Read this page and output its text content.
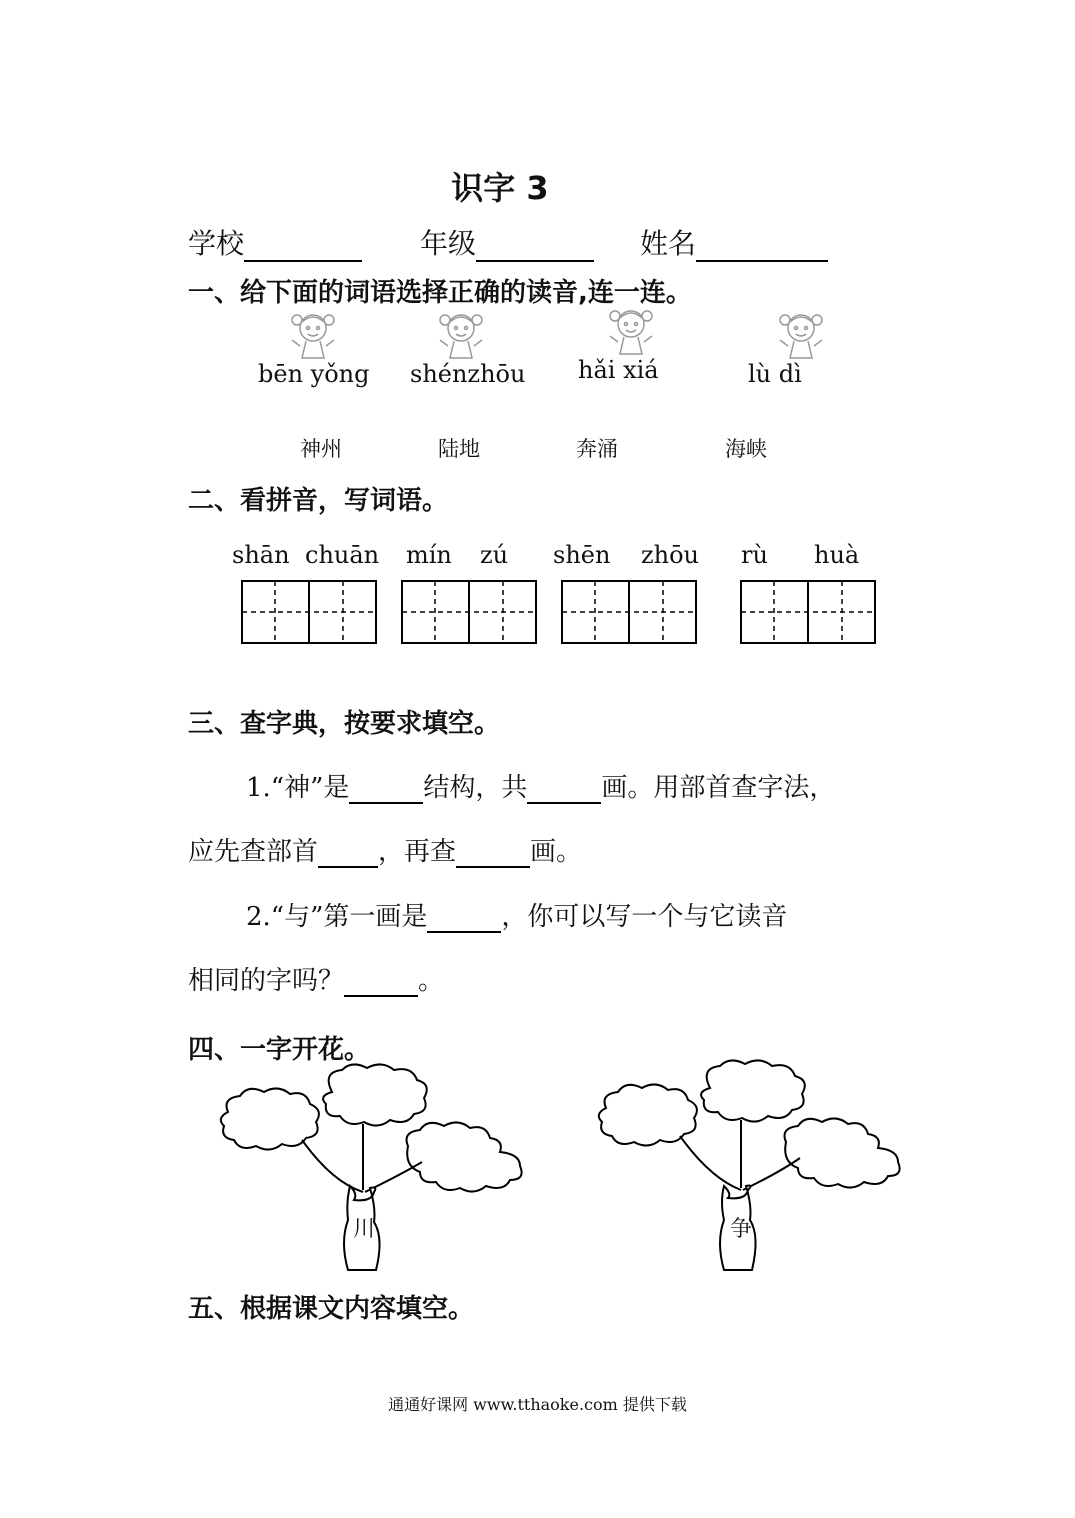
识字 3
学校	年级	姓名
一、给下面的词语选择正确的读音,连一连。
bēn yǒng shénzhōu hǎi xiá	lù dì
神州	陆地	奔涌	海峡
二、看拼音，写词语。
shān chuān mín zú shēn zhōu rù huà
三、查字典，按要求填空。
1.“神”是	结构，共	画。用部首查字法，
应先查部首 ，再查	画。
2.“与”第一画是	，你可以写一个与它读音
相同的字吗？	。
四、一字开花。
川	争
五、根据课文内容填空。
通通好课网 www.tthaoke.com 提供下载
